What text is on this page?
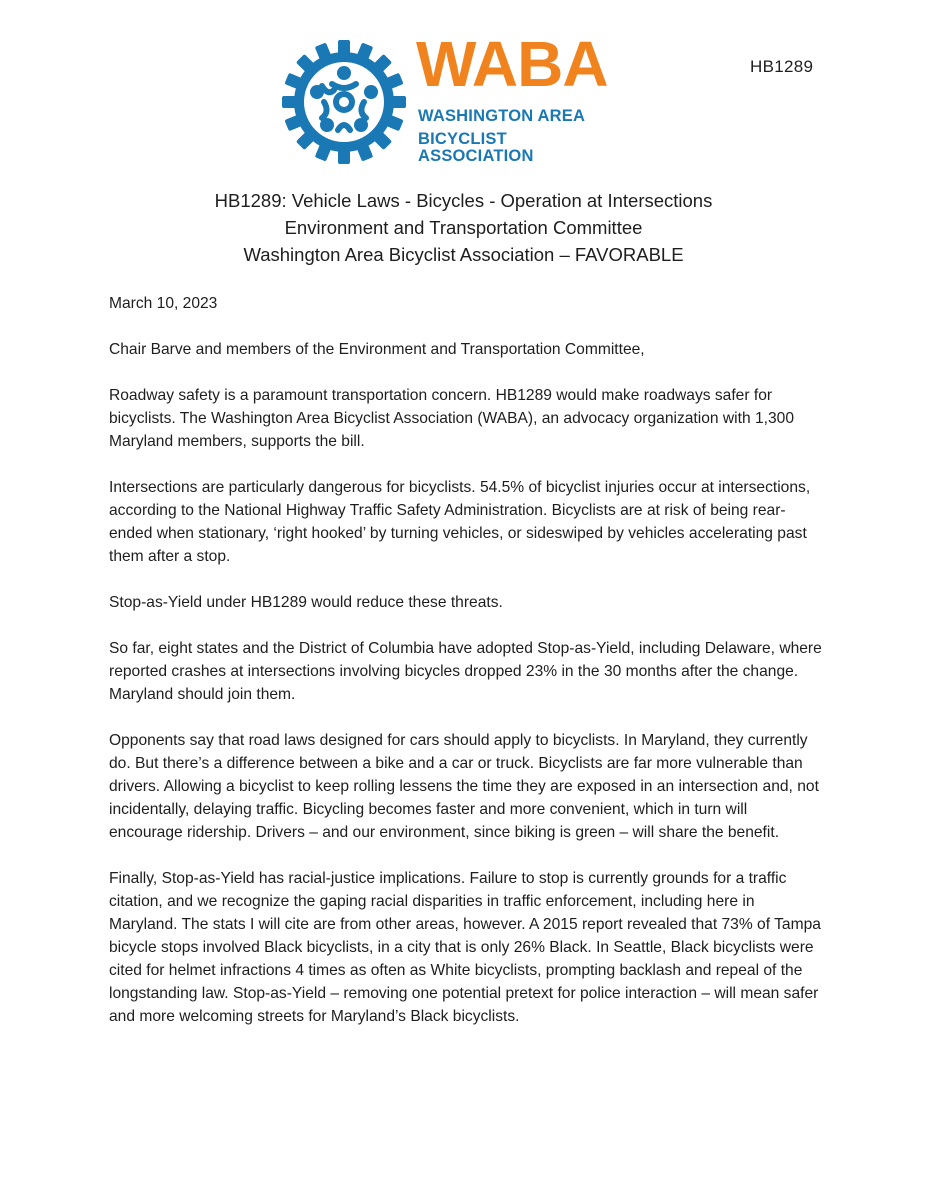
HB1289
WABA
WASHINGTON AREA
BICYCLIST ASSOCIATION
HB1289: Vehicle Laws - Bicycles - Operation at Intersections
Environment and Transportation Committee
Washington Area Bicyclist Association – FAVORABLE

March 10, 2023

Chair Barve and members of the Environment and Transportation Committee,

Roadway safety is a paramount transportation concern. HB1289 would make roadways safer for bicyclists. The Washington Area Bicyclist Association (WABA), an advocacy organization with 1,300 Maryland members, supports the bill.

Intersections are particularly dangerous for bicyclists. 54.5% of bicyclist injuries occur at intersections, according to the National Highway Traffic Safety Administration. Bicyclists are at risk of being rear-ended when stationary, ‘right hooked’ by turning vehicles, or sideswiped by vehicles accelerating past them after a stop.

Stop-as-Yield under HB1289 would reduce these threats.

So far, eight states and the District of Columbia have adopted Stop-as-Yield, including Delaware, where reported crashes at intersections involving bicycles dropped 23% in the 30 months after the change. Maryland should join them.

Opponents say that road laws designed for cars should apply to bicyclists. In Maryland, they currently do. But there’s a difference between a bike and a car or truck. Bicyclists are far more vulnerable than drivers. Allowing a bicyclist to keep rolling lessens the time they are exposed in an intersection and, not incidentally, delaying traffic. Bicycling becomes faster and more convenient, which in turn will encourage ridership. Drivers – and our environment, since biking is green – will share the benefit.

Finally, Stop-as-Yield has racial-justice implications. Failure to stop is currently grounds for a traffic citation, and we recognize the gaping racial disparities in traffic enforcement, including here in Maryland. The stats I will cite are from other areas, however. A 2015 report revealed that 73% of Tampa bicycle stops involved Black bicyclists, in a city that is only 26% Black. In Seattle, Black bicyclists were cited for helmet infractions 4 times as often as White bicyclists, prompting backlash and repeal of the longstanding law. Stop-as-Yield – removing one potential pretext for police interaction – will mean safer and more welcoming streets for Maryland’s Black bicyclists.
